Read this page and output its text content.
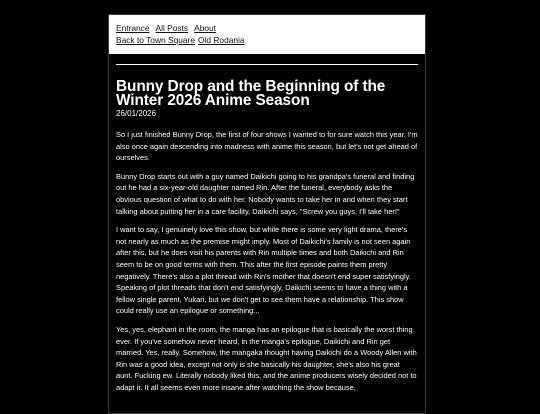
Entrance All Posts About
Back to Town Square Old Rodania
Bunny Drop and the Beginning of the Winter 2026 Anime Season
26/01/2026

So I just finished Bunny Drop, the first of four shows I wanted to for sure watch this year. I'm also once again descending into madness with anime this season, but let's not get ahead of ourselves.

Bunny Drop starts out with a guy named Daikichi going to his grandpa's funeral and finding out he had a six-year-old daughter named Rin. After the funeral, everybody asks the obvious question of what to do with her. Nobody wants to take her in and when they start talking about putting her in a care facility, Daikichi says, "Screw you guys, I'll take her!"

I want to say, I genuinely love this show, but while there is some very light drama, there's not nearly as much as the premise might imply. Most of Daikichi's family is not seen again after this, but he does visit his parents with Rin multiple times and both Daikichi and Rin seem to be on good terms with them. This after the first episode paints them pretty negatively. There's also a plot thread with Rin's mother that doesn't end super satisfyingly. Speaking of plot threads that don't end satisfyingly, Daikichi seems to have a thing with a fellow single parent, Yukari, but we don't get to see them have a relationship. This show could really use an epilogue or something...

Yes, yes, elephant in the room, the manga has an epilogue that is basically the worst thing ever. If you've somehow never heard, in the manga's epilogue, Daikichi and Rin get married. Yes, really. Somehow, the mangaka thought having Daikichi do a Woody Allen with Rin was a good idea, except not only is she basically his daughter, she's also his great aunt. Fucking ew. Literally nobody liked this, and the anime producers wisely decided not to adapt it. It all seems even more insane after watching the show because,
